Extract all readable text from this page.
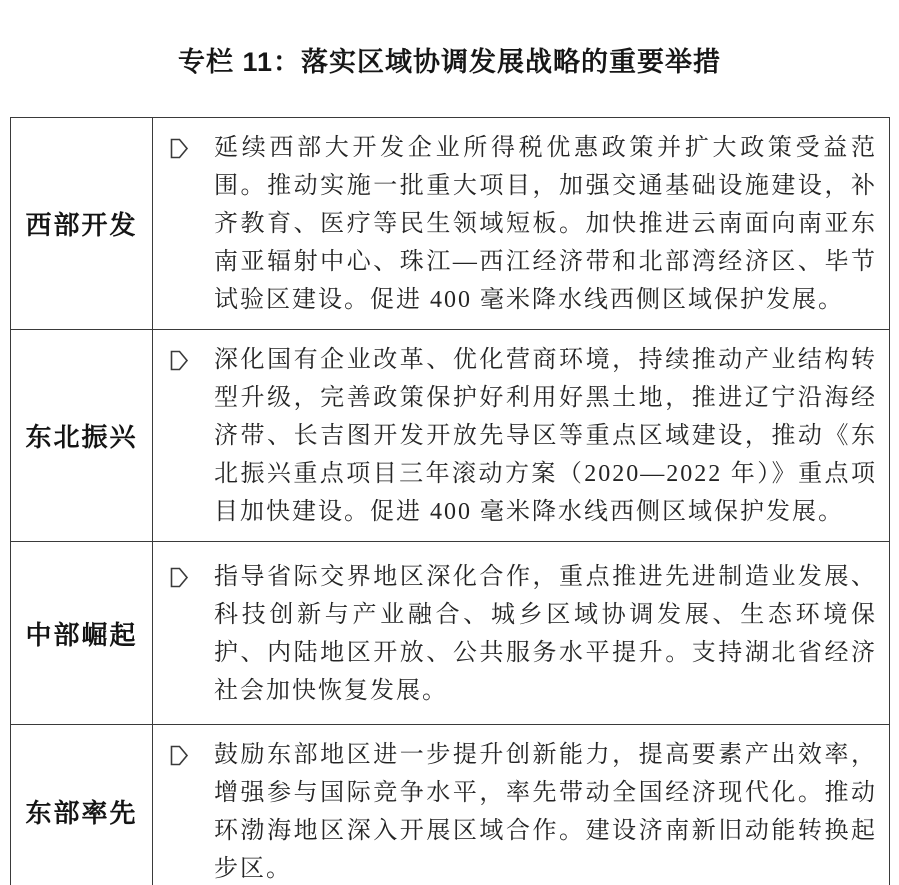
专栏 11：落实区域协调发展战略的重要举措
西部开发	延续西部大开发企业所得税优惠政策并扩大政策受益范围。推动实施一批重大项目，加强交通基础设施建设，补齐教育、医疗等民生领域短板。加快推进云南面向南亚东南亚辐射中心、珠江—西江经济带和北部湾经济区、毕节试验区建设。促进 400 毫米降水线西侧区域保护发展。

东北振兴	深化国有企业改革、优化营商环境，持续推动产业结构转型升级，完善政策保护好利用好黑土地，推进辽宁沿海经济带、长吉图开发开放先导区等重点区域建设，推动《东北振兴重点项目三年滚动方案（2020—2022 年）》重点项目加快建设。促进 400 毫米降水线西侧区域保护发展。

中部崛起	指导省际交界地区深化合作，重点推进先进制造业发展、科技创新与产业融合、城乡区域协调发展、生态环境保护、内陆地区开放、公共服务水平提升。支持湖北省经济社会加快恢复发展。

东部率先	鼓励东部地区进一步提升创新能力，提高要素产出效率，增强参与国际竞争水平，率先带动全国经济现代化。推动环渤海地区深入开展区域合作。建设济南新旧动能转换起步区。
